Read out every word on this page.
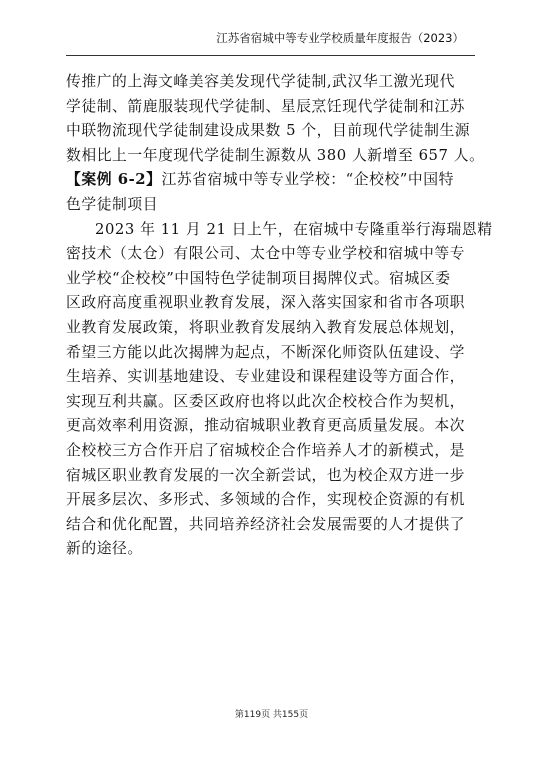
江苏省宿城中等专业学校质量年度报告（2023）
传推广的上海文峰美容美发现代学徒制,武汉华工激光现代
学徒制、箭鹿服装现代学徒制、星辰烹饪现代学徒制和江苏
中联物流现代学徒制建设成果数 5 个，目前现代学徒制生源
数相比上一年度现代学徒制生源数从 380 人新增至 657 人。
【案例 6-2】江苏省宿城中等专业学校：“企校校”中国特
色学徒制项目
2023 年 11 月 21 日上午，在宿城中专隆重举行海瑞恩精
密技术（太仓）有限公司、太仓中等专业学校和宿城中等专
业学校“企校校”中国特色学徒制项目揭牌仪式。宿城区委
区政府高度重视职业教育发展，深入落实国家和省市各项职
业教育发展政策，将职业教育发展纳入教育发展总体规划，
希望三方能以此次揭牌为起点，不断深化师资队伍建设、学
生培养、实训基地建设、专业建设和课程建设等方面合作，
实现互利共赢。区委区政府也将以此次企校校合作为契机，
更高效率利用资源，推动宿城职业教育更高质量发展。本次
企校校三方合作开启了宿城校企合作培养人才的新模式，是
宿城区职业教育发展的一次全新尝试，也为校企双方进一步
开展多层次、多形式、多领域的合作，实现校企资源的有机
结合和优化配置，共同培养经济社会发展需要的人才提供了
新的途径。
第119页 共155页
